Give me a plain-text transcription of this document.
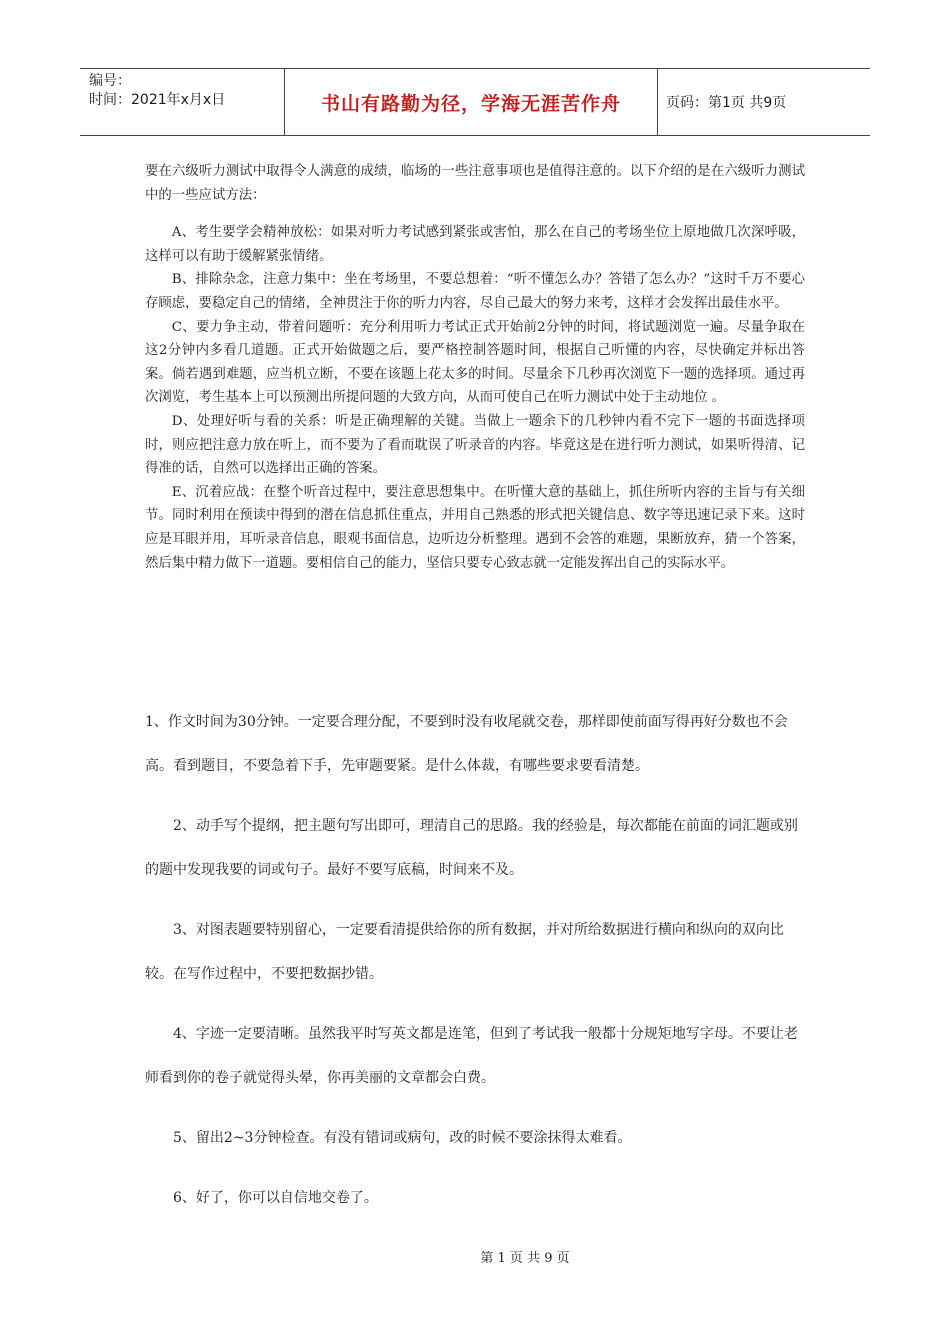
编号：
时间：2021年x月x日	书山有路勤为径，学海无涯苦作舟	页码：第1页 共9页

要在六级听力测试中取得令人满意的成绩，临场的一些注意事项也是值得注意的。以下介绍的是在六级听力测试中的一些应试方法：

A、考生要学会精神放松：如果对听力考试感到紧张或害怕，那么在自己的考场坐位上原地做几次深呼吸，这样可以有助于缓解紧张情绪。

B、排除杂念，注意力集中：坐在考场里，不要总想着：“听不懂怎么办？答错了怎么办？”这时千万不要心存顾虑，要稳定自己的情绪，全神贯注于你的听力内容，尽自己最大的努力来考，这样才会发挥出最佳水平。

C、要力争主动，带着问题听：充分利用听力考试正式开始前2分钟的时间，将试题浏览一遍。尽量争取在这2分钟内多看几道题。正式开始做题之后，要严格控制答题时间，根据自己听懂的内容，尽快确定并标出答案。倘若遇到难题，应当机立断，不要在该题上花太多的时间。尽量余下几秒再次浏览下一题的选择项。通过再次浏览，考生基本上可以预测出所提问题的大致方向，从而可使自己在听力测试中处于主动地位 。

D、处理好听与看的关系：听是正确理解的关键。当做上一题余下的几秒钟内看不完下一题的书面选择项时，则应把注意力放在听上，而不要为了看而耽误了听录音的内容。毕竟这是在进行听力测试，如果听得清、记得准的话，自然可以选择出正确的答案。

E、沉着应战：在整个听音过程中，要注意思想集中。在听懂大意的基础上，抓住所听内容的主旨与有关细节。同时利用在预读中得到的潜在信息抓住重点，并用自己熟悉的形式把关键信息、数字等迅速记录下来。这时应是耳眼并用，耳听录音信息，眼观书面信息，边听边分析整理。遇到不会答的难题，果断放弃，猜一个答案，然后集中精力做下一道题。要相信自己的能力，坚信只要专心致志就一定能发挥出自己的实际水平。

1、作文时间为30分钟。一定要合理分配，不要到时没有收尾就交卷，那样即使前面写得再好分数也不会高。看到题目，不要急着下手，先审题要紧。是什么体裁，有哪些要求要看清楚。

2、动手写个提纲，把主题句写出即可，理清自己的思路。我的经验是，每次都能在前面的词汇题或别的题中发现我要的词或句子。最好不要写底稿，时间来不及。

3、对图表题要特别留心，一定要看清提供给你的所有数据，并对所给数据进行横向和纵向的双向比较。在写作过程中，不要把数据抄错。

4、字迹一定要清晰。虽然我平时写英文都是连笔，但到了考试我一般都十分规矩地写字母。不要让老师看到你的卷子就觉得头晕，你再美丽的文章都会白费。

5、留出2~3分钟检查。有没有错词或病句，改的时候不要涂抹得太难看。

6、好了，你可以自信地交卷了。

第 1 页 共 9 页
